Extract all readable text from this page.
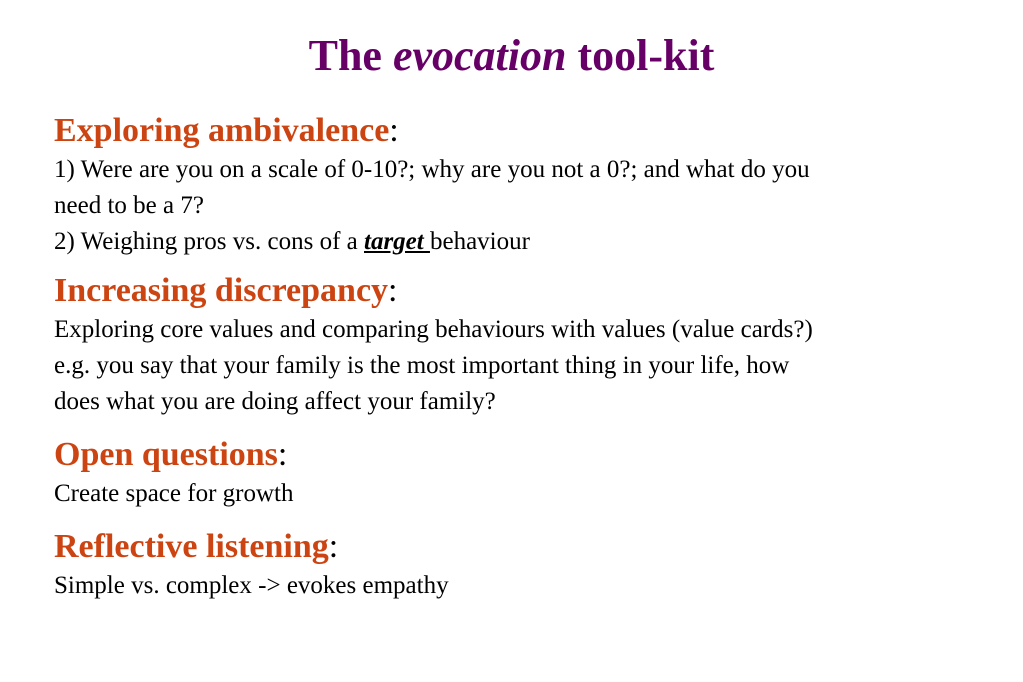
The evocation tool-kit
Exploring ambivalence:
1) Were are you on a scale of 0-10?; why are you not a 0?; and what do you
need to be a 7?
2) Weighing pros vs. cons of a target behaviour
Increasing discrepancy:
Exploring core values and comparing behaviours with values (value cards?)
e.g. you say that your family is the most important thing in your life, how
does what you are doing affect your family?
Open questions:
Create space for growth
Reflective listening:
Simple vs. complex -> evokes empathy
